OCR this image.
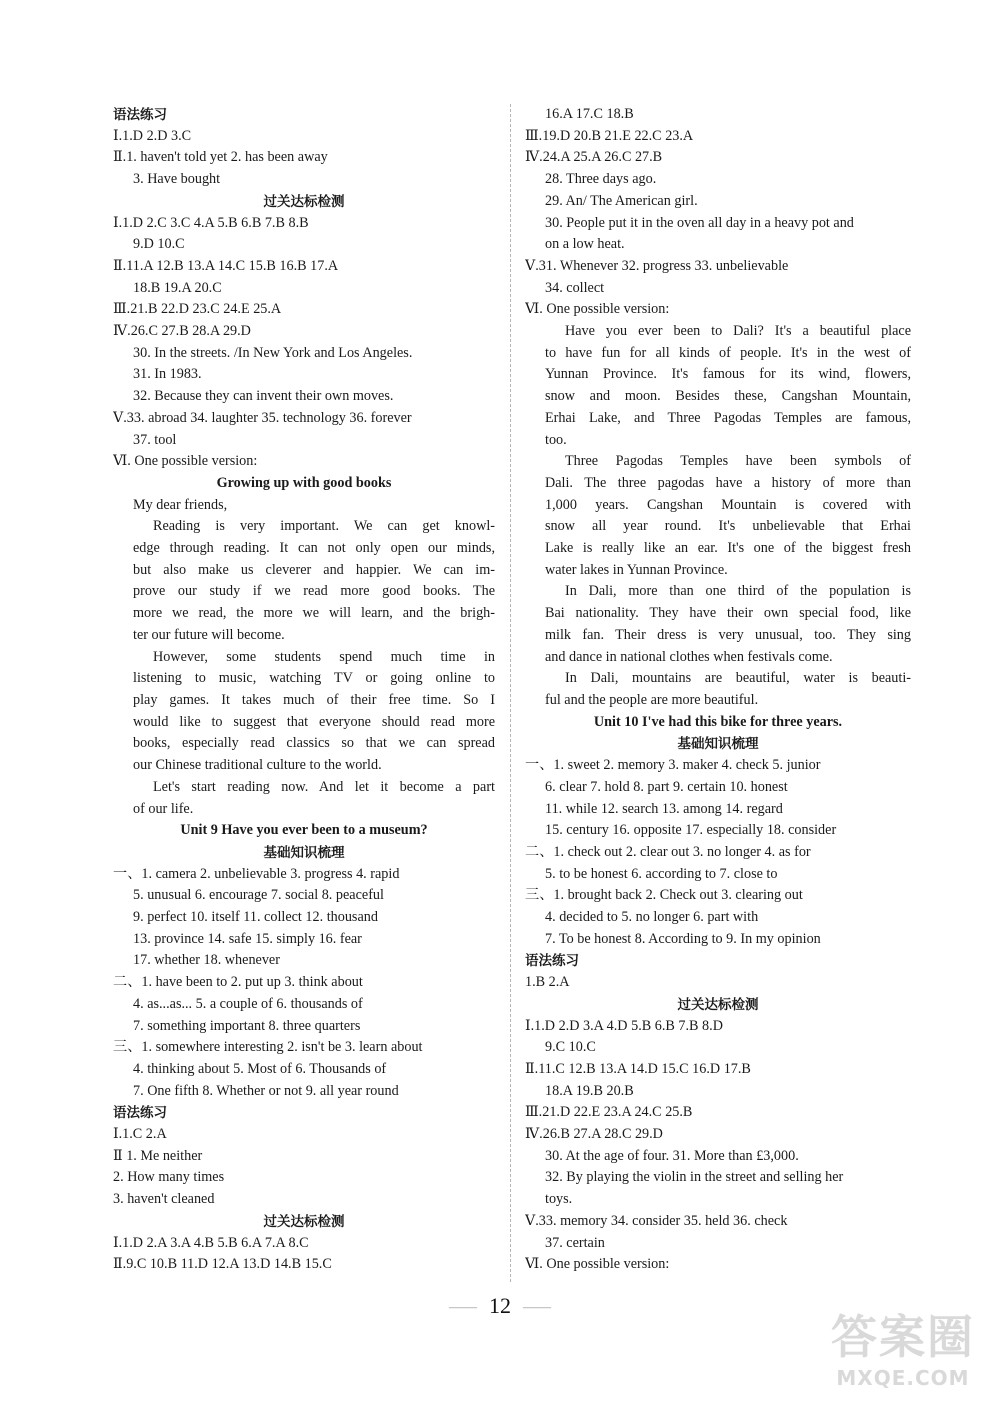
语法练习
Ⅰ.1.D 2.D 3.C
Ⅱ.1. haven't told yet 2. has been away
3. Have bought
过关达标检测
Ⅰ.1.D 2.C 3.C 4.A 5.B 6.B 7.B 8.B
9.D 10.C
Ⅱ.11.A 12.B 13.A 14.C 15.B 16.B 17.A
18.B 19.A 20.C
Ⅲ.21.B 22.D 23.C 24.E 25.A
Ⅳ.26.C 27.B 28.A 29.D
30. In the streets. /In New York and Los Angeles.
31. In 1983.
32. Because they can invent their own moves.
Ⅴ.33. abroad 34. laughter 35. technology 36. forever
37. tool
Ⅵ. One possible version:
Growing up with good books
My dear friends,
Reading is very important. We can get knowl-
edge through reading. It can not only open our minds,
but also make us cleverer and happier. We can im-
prove our study if we read more good books. The
more we read, the more we will learn, and the brigh-
ter our future will become.
However, some students spend much time in
listening to music, watching TV or going online to
play games. It takes much of their free time. So I
would like to suggest that everyone should read more
books, especially read classics so that we can spread
our Chinese traditional culture to the world.
Let's start reading now. And let it become a part
of our life.
Unit 9 Have you ever been to a museum?
基础知识梳理
一、1. camera 2. unbelievable 3. progress 4. rapid
5. unusual 6. encourage 7. social 8. peaceful
9. perfect 10. itself 11. collect 12. thousand
13. province 14. safe 15. simply 16. fear
17. whether 18. whenever
二、1. have been to 2. put up 3. think about
4. as...as... 5. a couple of 6. thousands of
7. something important 8. three quarters
三、1. somewhere interesting 2. isn't be 3. learn about
4. thinking about 5. Most of 6. Thousands of
7. One fifth 8. Whether or not 9. all year round
语法练习
Ⅰ.1.C 2.A
Ⅱ 1. Me neither
2. How many times
3. haven't cleaned
过关达标检测
Ⅰ.1.D 2.A 3.A 4.B 5.B 6.A 7.A 8.C
Ⅱ.9.C 10.B 11.D 12.A 13.D 14.B 15.C
16.A 17.C 18.B
Ⅲ.19.D 20.B 21.E 22.C 23.A
Ⅳ.24.A 25.A 26.C 27.B
28. Three days ago.
29. An/ The American girl.
30. People put it in the oven all day in a heavy pot and
on a low heat.
Ⅴ.31. Whenever 32. progress 33. unbelievable
34. collect
Ⅵ. One possible version:
Have you ever been to Dali? It's a beautiful place
to have fun for all kinds of people. It's in the west of
Yunnan Province. It's famous for its wind, flowers,
snow and moon. Besides these, Cangshan Mountain,
Erhai Lake, and Three Pagodas Temples are famous,
too.
Three Pagodas Temples have been symbols of
Dali. The three pagodas have a history of more than
1,000 years. Cangshan Mountain is covered with
snow all year round. It's unbelievable that Erhai
Lake is really like an ear. It's one of the biggest fresh
water lakes in Yunnan Province.
In Dali, more than one third of the population is
Bai nationality. They have their own special food, like
milk fan. Their dress is very unusual, too. They sing
and dance in national clothes when festivals come.
In Dali, mountains are beautiful, water is beauti-
ful and the people are more beautiful.
Unit 10 I've had this bike for three years.
基础知识梳理
一、1. sweet 2. memory 3. maker 4. check 5. junior
6. clear 7. hold 8. part 9. certain 10. honest
11. while 12. search 13. among 14. regard
15. century 16. opposite 17. especially 18. consider
二、1. check out 2. clear out 3. no longer 4. as for
5. to be honest 6. according to 7. close to
三、1. brought back 2. Check out 3. clearing out
4. decided to 5. no longer 6. part with
7. To be honest 8. According to 9. In my opinion
语法练习
1.B 2.A
过关达标检测
Ⅰ.1.D 2.D 3.A 4.D 5.B 6.B 7.B 8.D
9.C 10.C
Ⅱ.11.C 12.B 13.A 14.D 15.C 16.D 17.B
18.A 19.B 20.B
Ⅲ.21.D 22.E 23.A 24.C 25.B
Ⅳ.26.B 27.A 28.C 29.D
30. At the age of four. 31. More than £3,000.
32. By playing the violin in the street and selling her
toys.
Ⅴ.33. memory 34. consider 35. held 36. check
37. certain
Ⅵ. One possible version:
—— 12 ——
答案圈
MXQE.COM
